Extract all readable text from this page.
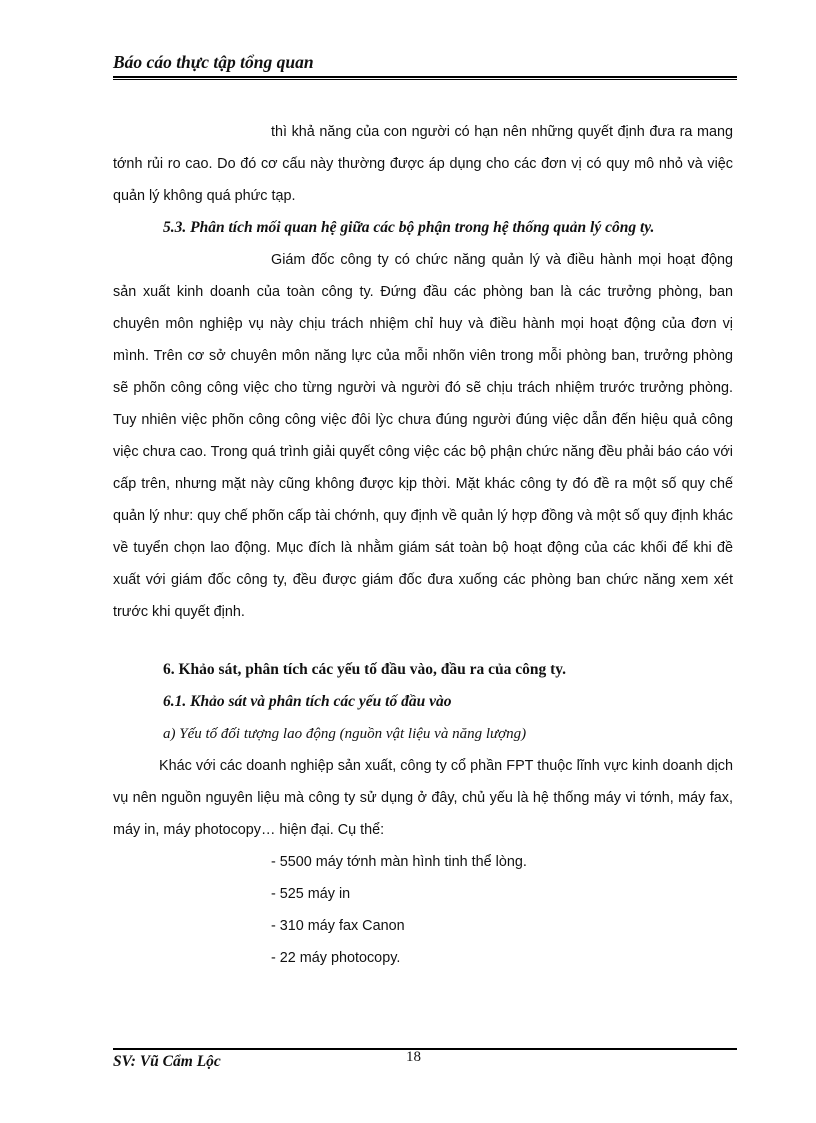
Báo cáo thực tập tổng quan

thì khả năng của con người có hạn nên những quyết định đưa ra mang tớnh rủi ro cao. Do đó cơ cấu này thường được áp dụng cho các đơn vị có quy mô nhỏ và việc quản lý không quá phức tạp.

5.3. Phân tích mối quan hệ giữa các bộ phận trong hệ thống quản lý công ty.

Giám đốc công ty có chức năng quản lý và điều hành mọi hoạt động sản xuất kinh doanh của toàn công ty. Đứng đầu các phòng ban là các trưởng phòng, ban chuyên môn nghiệp vụ này chịu trách nhiệm chỉ huy và điều hành mọi hoạt động của đơn vị mình. Trên cơ sở chuyên môn năng lực của mỗi nhõn viên trong mỗi phòng ban, trưởng phòng sẽ phõn công công việc cho từng người và người đó sẽ chịu trách nhiệm trước trưởng phòng. Tuy nhiên việc phõn công công việc đôi lỳc chưa đúng người đúng việc dẫn đến hiệu quả công việc chưa cao. Trong quá trình giải quyết công việc các bộ phận chức năng đều phải báo cáo với cấp trên, nhưng mặt này cũng không được kịp thời. Mặt khác công ty đó đề ra một số quy chế quản lý như: quy chế phõn cấp tài chớnh, quy định về quản lý hợp đồng và một số quy định khác về tuyển chọn lao động. Mục đích là nhằm giám sát toàn bộ hoạt động của các khối để khi đề xuất với giám đốc công ty, đều được giám đốc đưa xuống các phòng ban chức năng xem xét trước khi quyết định.

6. Khảo sát, phân tích các yếu tố đầu vào, đầu ra của công ty.

6.1. Khảo sát và phân tích các yếu tố đầu vào

a) Yếu tố đối tượng lao động (nguồn vật liệu và năng lượng)

Khác với các doanh nghiệp sản xuất, công ty cổ phần FPT thuộc lĩnh vực kinh doanh dịch vụ nên nguồn nguyên liệu mà công ty sử dụng ở đây, chủ yếu là hệ thống máy vi tớnh, máy fax, máy in, máy photocopy… hiện đại. Cụ thể:

- 5500 máy tớnh màn hình tinh thể lòng.
- 525 máy in
- 310 máy fax Canon
- 22 máy photocopy.
SV: Vũ Cẩm Lộc	18
